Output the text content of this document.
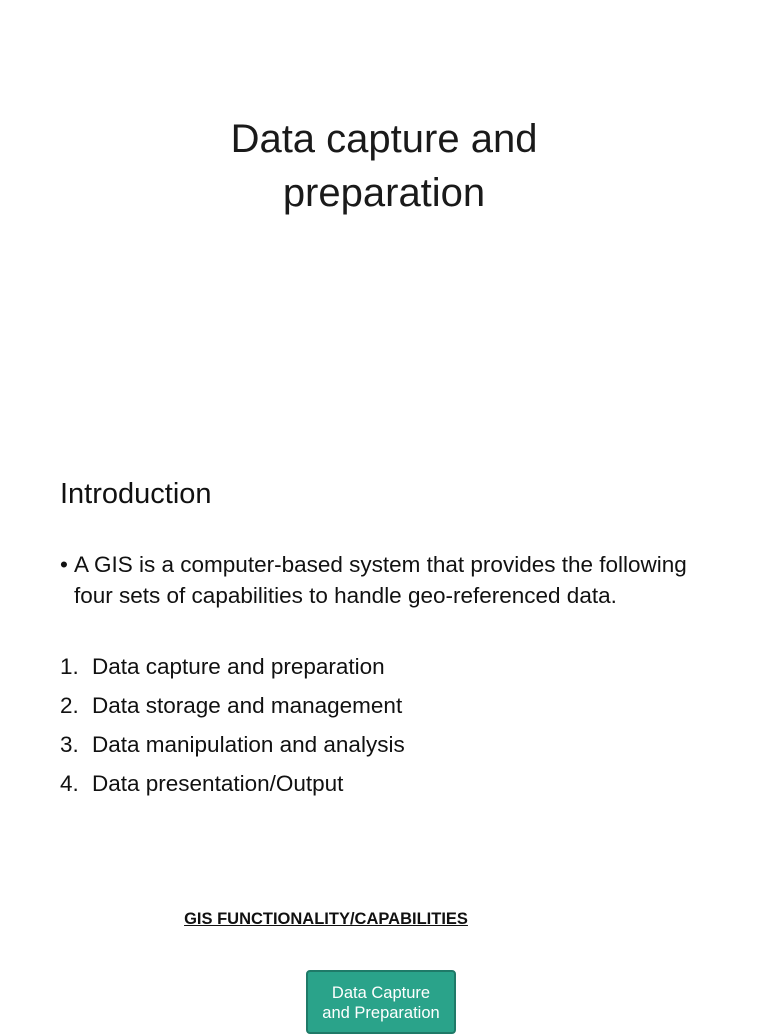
Data capture and
preparation
Introduction
• A GIS is a computer-based system that provides the following four sets of capabilities to handle geo-referenced data.
1. Data capture and preparation
2. Data storage and management
3. Data manipulation and analysis
4. Data presentation/Output
GIS FUNCTIONALITY/CAPABILITIES
Data Capture
and Preparation
